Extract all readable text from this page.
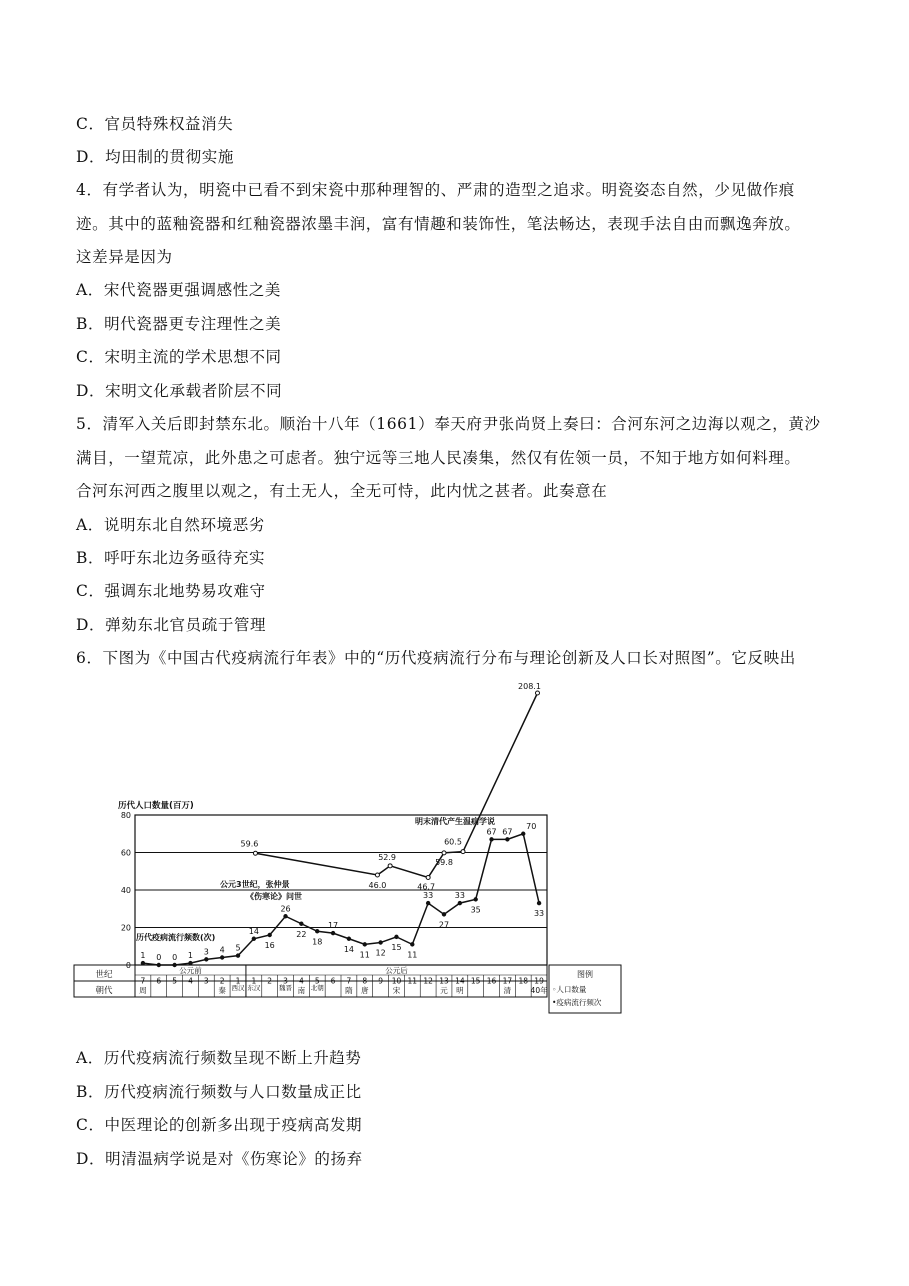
C．官员特殊权益消失
D．均田制的贯彻实施
4．有学者认为，明瓷中已看不到宋瓷中那种理智的、严肃的造型之追求。明瓷姿态自然，少见做作痕
迹。其中的蓝釉瓷器和红釉瓷器浓墨丰润，富有情趣和装饰性，笔法畅达，表现手法自由而飘逸奔放。
这差异是因为
A．宋代瓷器更强调感性之美
B．明代瓷器更专注理性之美
C．宋明主流的学术思想不同
D．宋明文化承载者阶层不同
5．清军入关后即封禁东北。顺治十八年（1661）奉天府尹张尚贤上奏曰：合河东河之边海以观之，黄沙
满目，一望荒凉，此外患之可虑者。独宁远等三地人民凑集，然仅有佐领一员，不知于地方如何料理。
合河东河西之腹里以观之，有土无人，全无可恃，此内忧之甚者。此奏意在
A．说明东北自然环境恶劣
B．呼吁东北边务亟待充实
C．强调东北地势易攻难守
D．弹劾东北官员疏于管理
6．下图为《中国古代疫病流行年表》中的“历代疫病流行分布与理论创新及人口长对照图”。它反映出
A．历代疫病流行频数呈现不断上升趋势
B．历代疫病流行频数与人口数量成正比
C．中医理论的创新多出现于疫病高发期
D．明清温病学说是对《伤寒论》的扬弃
0
20
40
60
80
历代人口数量(百万)
世纪
朝代
公元前	公元后
7 6 5 4 3 2 1 1 2 3 4 5 6 7 8 9 10 11 12 13 14 15 16 17 18 19
周	秦 西汉 东汉	魏晋 南 北朝	隋 唐	宋	元 明	清	40年
图例
◦人口数量
•疫病流行频次
明末清代产生温病学说
公元3世纪，张仲景
《伤寒论》问世
历代疫病流行频数(次)
59.6
46.0
52.9
46.7
59.8
60.5
208.1
1 0 0 1 3 4 5
14
16
26
22
18
17
14
11 12
15
11
33
27
33
35
67 67
70
33
